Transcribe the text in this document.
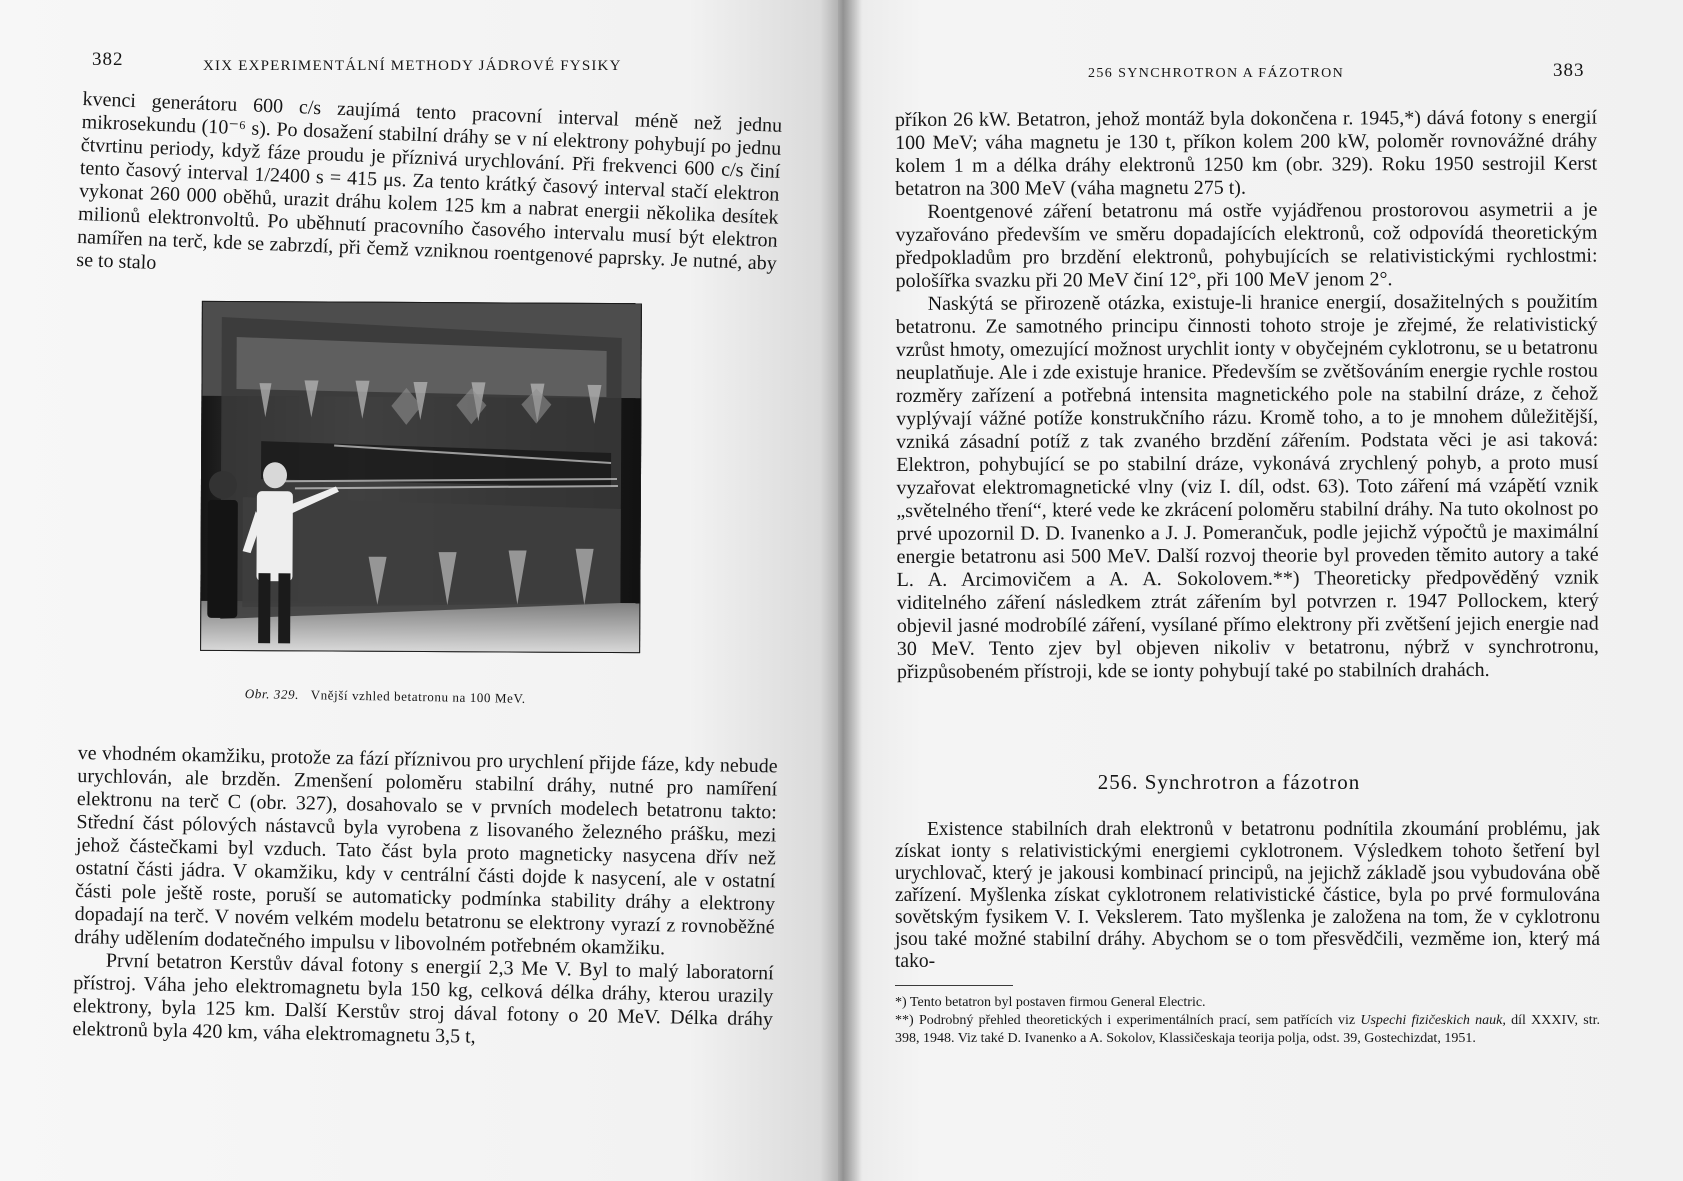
382	XIX EXPERIMENTÁLNÍ METHODY JÁDROVÉ FYSIKY

kvenci generátoru 600 c/s zaujímá tento pracovní interval méně než jednu mikrosekundu (10⁻⁶ s). Po dosažení stabilní dráhy se v ní elektrony pohybují po jednu čtvrtinu periody, když fáze proudu je příznivá urychlování. Při frekvenci 600 c/s činí tento časový interval 1/2400 s = 415 μs. Za tento krátký časový interval stačí elektron vykonat 260 000 oběhů, urazit dráhu kolem 125 km a nabrat energii několika desítek milionů elektronvoltů. Po uběhnutí pracovního časového intervalu musí být elektron namířen na terč, kde se zabrzdí, při čemž vzniknou roentgenové paprsky. Je nutné, aby se to stalo

Obr. 329. Vnější vzhled betatronu na 100 MeV.

ve vhodném okamžiku, protože za fází příznivou pro urychlení přijde fáze, kdy nebude urychlován, ale brzděn. Zmenšení poloměru stabilní dráhy, nutné pro namíření elektronu na terč C (obr. 327), dosahovalo se v prvních modelech betatronu takto: Střední část pólových nástavců byla vyrobena z lisovaného železného prášku, mezi jehož částečkami byl vzduch. Tato část byla proto magneticky nasycena dřív než ostatní části jádra. V okamžiku, kdy v centrální části dojde k nasycení, ale v ostatní části pole ještě roste, poruší se automaticky podmínka stability dráhy a elektrony dopadají na terč. V novém velkém modelu betatronu se elektrony vyrazí z rovnoběžné dráhy udělením dodatečného impulsu v libovolném potřebném okamžiku.

První betatron Kerstův dával fotony s energií 2,3 Me V. Byl to malý laboratorní přístroj. Váha jeho elektromagnetu byla 150 kg, celková délka dráhy, kterou urazily elektrony, byla 125 km. Další Kerstův stroj dával fotony o 20 MeV. Délka dráhy elektronů byla 420 km, váha elektromagnetu 3,5 t,

256 SYNCHROTRON A FÁZOTRON	383

příkon 26 kW. Betatron, jehož montáž byla dokončena r. 1945,*) dává fotony s energií 100 MeV; váha magnetu je 130 t, příkon kolem 200 kW, poloměr rovnovážné dráhy kolem 1 m a délka dráhy elektronů 1250 km (obr. 329). Roku 1950 sestrojil Kerst betatron na 300 MeV (váha magnetu 275 t).

Roentgenové záření betatronu má ostře vyjádřenou prostorovou asymetrii a je vyzařováno především ve směru dopadajících elektronů, což odpovídá theoretickým předpokladům pro brzdění elektronů, pohybujících se relativistickými rychlostmi: pološířka svazku při 20 MeV činí 12°, při 100 MeV jenom 2°.

Naskýtá se přirozeně otázka, existuje-li hranice energií, dosažitelných s použitím betatronu. Ze samotného principu činnosti tohoto stroje je zřejmé, že relativistický vzrůst hmoty, omezující možnost urychlit ionty v obyčejném cyklotronu, se u betatronu neuplatňuje. Ale i zde existuje hranice. Především se zvětšováním energie rychle rostou rozměry zařízení a potřebná intensita magnetického pole na stabilní dráze, z čehož vyplývají vážné potíže konstrukčního rázu. Kromě toho, a to je mnohem důležitější, vzniká zásadní potíž z tak zvaného brzdění zářením. Podstata věci je asi taková: Elektron, pohybující se po stabilní dráze, vykonává zrychlený pohyb, a proto musí vyzařovat elektromagnetické vlny (viz I. díl, odst. 63). Toto záření má vzápětí vznik „světelného tření“, které vede ke zkrácení poloměru stabilní dráhy. Na tuto okolnost po prvé upozornil D. D. Ivanenko a J. J. Pomerančuk, podle jejichž výpočtů je maximální energie betatronu asi 500 MeV. Další rozvoj theorie byl proveden těmito autory a také L. A. Arcimovičem a A. A. Sokolovem.**) Theoreticky předpověděný vznik viditelného záření následkem ztrát zářením byl potvrzen r. 1947 Pollockem, který objevil jasné modrobílé záření, vysílané přímo elektrony při zvětšení jejich energie nad 30 MeV. Tento zjev byl objeven nikoliv v betatronu, nýbrž v synchrotronu, přizpůsobeném přístroji, kde se ionty pohybují také po stabilních drahách.

256. Synchrotron a fázotron

Existence stabilních drah elektronů v betatronu podnítila zkoumání problému, jak získat ionty s relativistickými energiemi cyklotronem. Výsledkem tohoto šetření byl urychlovač, který je jakousi kombinací principů, na jejichž základě jsou vybudována obě zařízení. Myšlenka získat cyklotronem relativistické částice, byla po prvé formulována sovětským fysikem V. I. Vekslerem. Tato myšlenka je založena na tom, že v cyklotronu jsou také možné stabilní dráhy. Abychom se o tom přesvědčili, vezměme ion, který má tako-

*) Tento betatron byl postaven firmou General Electric.

**) Podrobný přehled theoretických i experimentálních prací, sem patřících viz Uspechi fizičeskich nauk, díl XXXIV, str. 398, 1948. Viz také D. Ivanenko a A. Sokolov, Klassičeskaja teorija polja, odst. 39, Gostechizdat, 1951.
